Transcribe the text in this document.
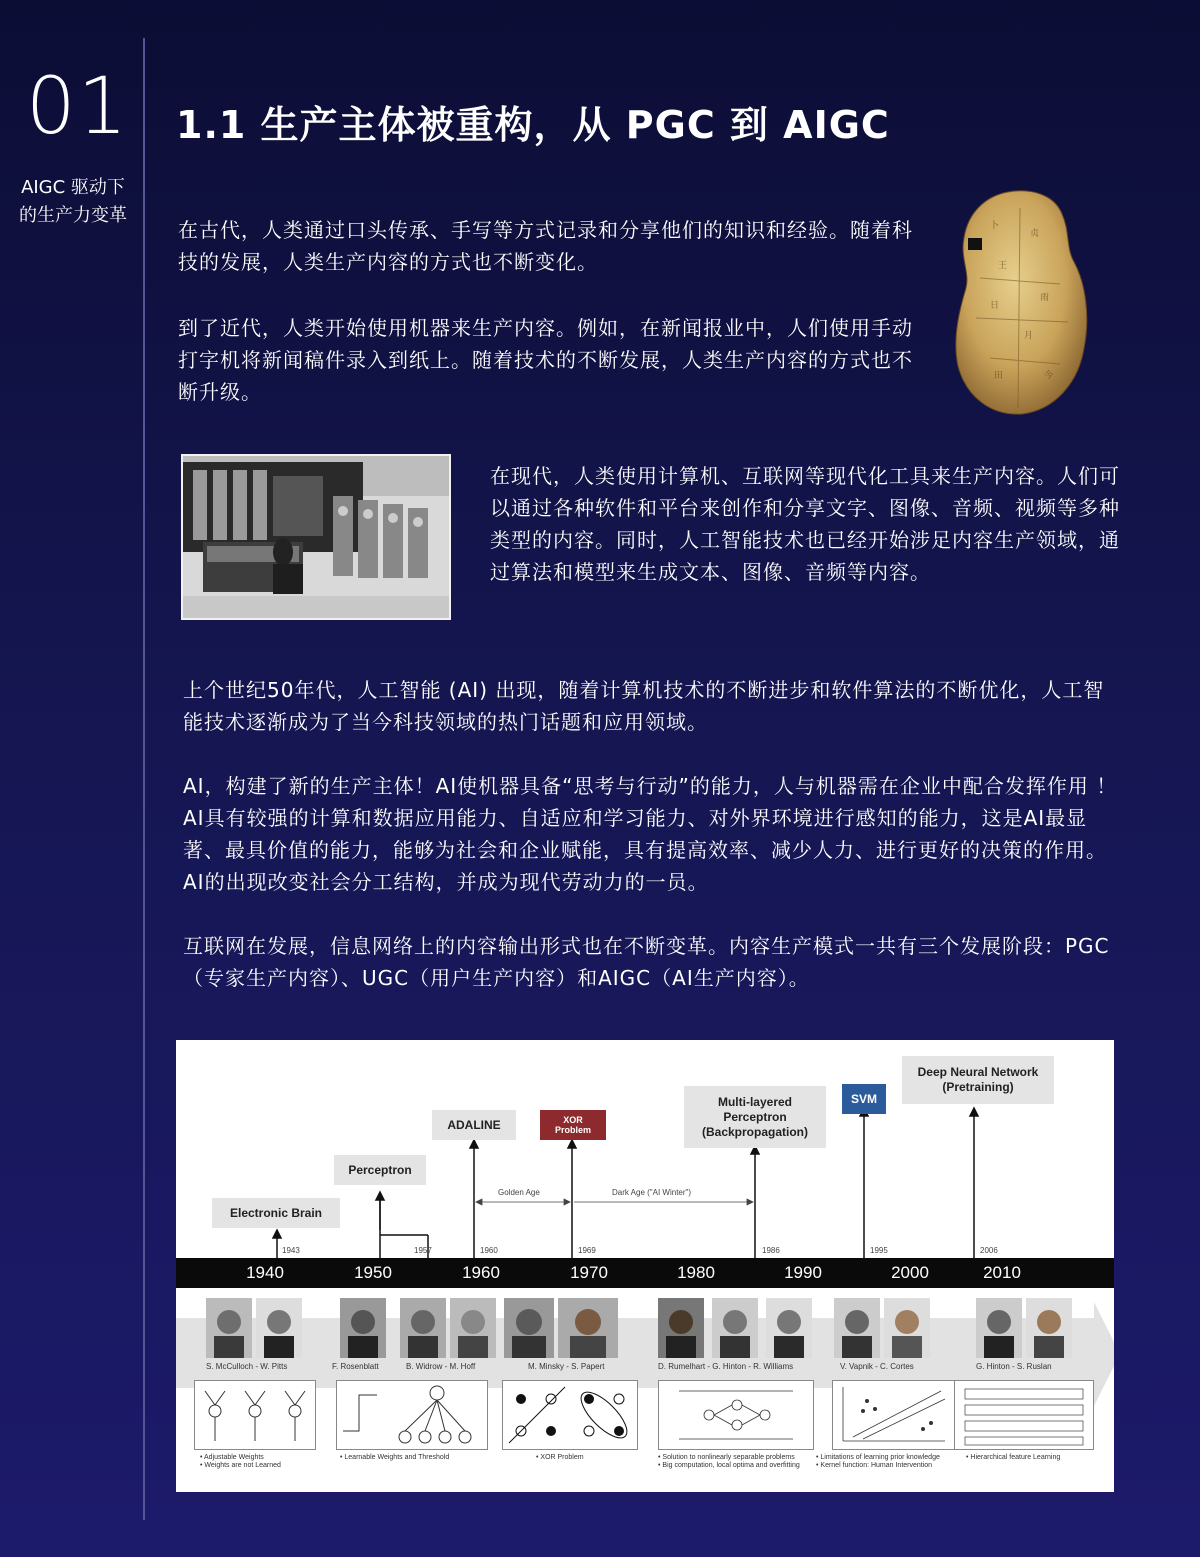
01
AIGC 驱动下的生产力变革
1.1 生产主体被重构，从 PGC 到 AIGC
在古代，人类通过口头传承、手写等方式记录和分享他们的知识和经验。随着科技的发展，人类生产内容的方式也不断变化。
到了近代，人类开始使用机器来生产内容。例如，在新闻报业中，人们使用手动打字机将新闻稿件录入到纸上。随着技术的不断发展，人类生产内容的方式也不断升级。
卜
贞
王
雨
日
月
田	今
在现代，人类使用计算机、互联网等现代化工具来生产内容。人们可以通过各种软件和平台来创作和分享文字、图像、音频、视频等多种类型的内容。同时，人工智能技术也已经开始涉足内容生产领域，通过算法和模型来生成文本、图像、音频等内容。
上个世纪50年代，人工智能 (AI) 出现，随着计算机技术的不断进步和软件算法的不断优化，人工智能技术逐渐成为了当今科技领域的热门话题和应用领域。
AI，构建了新的生产主体！AI使机器具备“思考与行动”的能力，人与机器需在企业中配合发挥作用 ！AI具有较强的计算和数据应用能力、自适应和学习能力、对外界环境进行感知的能力，这是AI最显著、最具价值的能力，能够为社会和企业赋能，具有提高效率、减少人力、进行更好的决策的作用。AI的出现改变社会分工结构，并成为现代劳动力的一员。
互联网在发展，信息网络上的内容输出形式也在不断变革。内容生产模式一共有三个发展阶段：PGC（专家生产内容）、UGC（用户生产内容）和AIGC（AI生产内容）。
Electronic Brain
Perceptron
ADALINE	XOR
Problem
Multi-layered Perceptron (Backpropagation)
SVM
Deep Neural Network (Pretraining)
Golden Age	Dark Age ("AI Winter")
1943	1957	1960	1969	1986	1995	2006
1940	1950	1960	1970	1980	1990	2000	2010
S. McCulloch - W. Pitts	F. Rosenblatt	B. Widrow - M. Hoff	M. Minsky - S. Papert	D. Rumelhart - G. Hinton - R. Williams	V. Vapnik - C. Cortes	G. Hinton - S. Ruslan
• Adjustable Weights
• Weights are not Learned
• Learnable Weights and Threshold	• XOR Problem	• Solution to nonlinearly separable problems
• Big computation, local optima and overfitting
• Limitations of learning prior knowledge
• Kernel function: Human Intervention
• Hierarchical feature Learning
